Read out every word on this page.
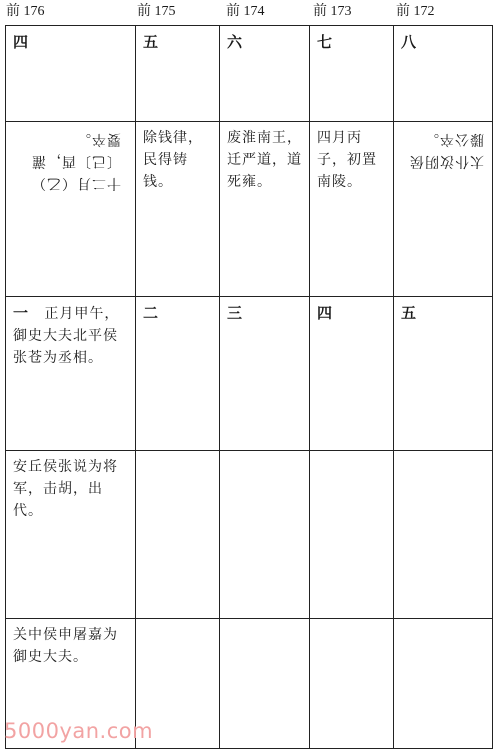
前 176	前 175	前 174	前 173	前 172
四	五	六	七	八

十二月（乙）〔己〕酉，灌婴卒。	除钱律，民得铸钱。	废淮南王，迁严道，道死雍。	四月丙子，初置南陵。	太仆汝阴侯滕公卒。

一 正月甲午，御史大夫北平侯张苍为丞相。	二	三	四	五
安丘侯张说为将军，击胡，出代。				
关中侯申屠嘉为御史大夫。				
5000yan.com
